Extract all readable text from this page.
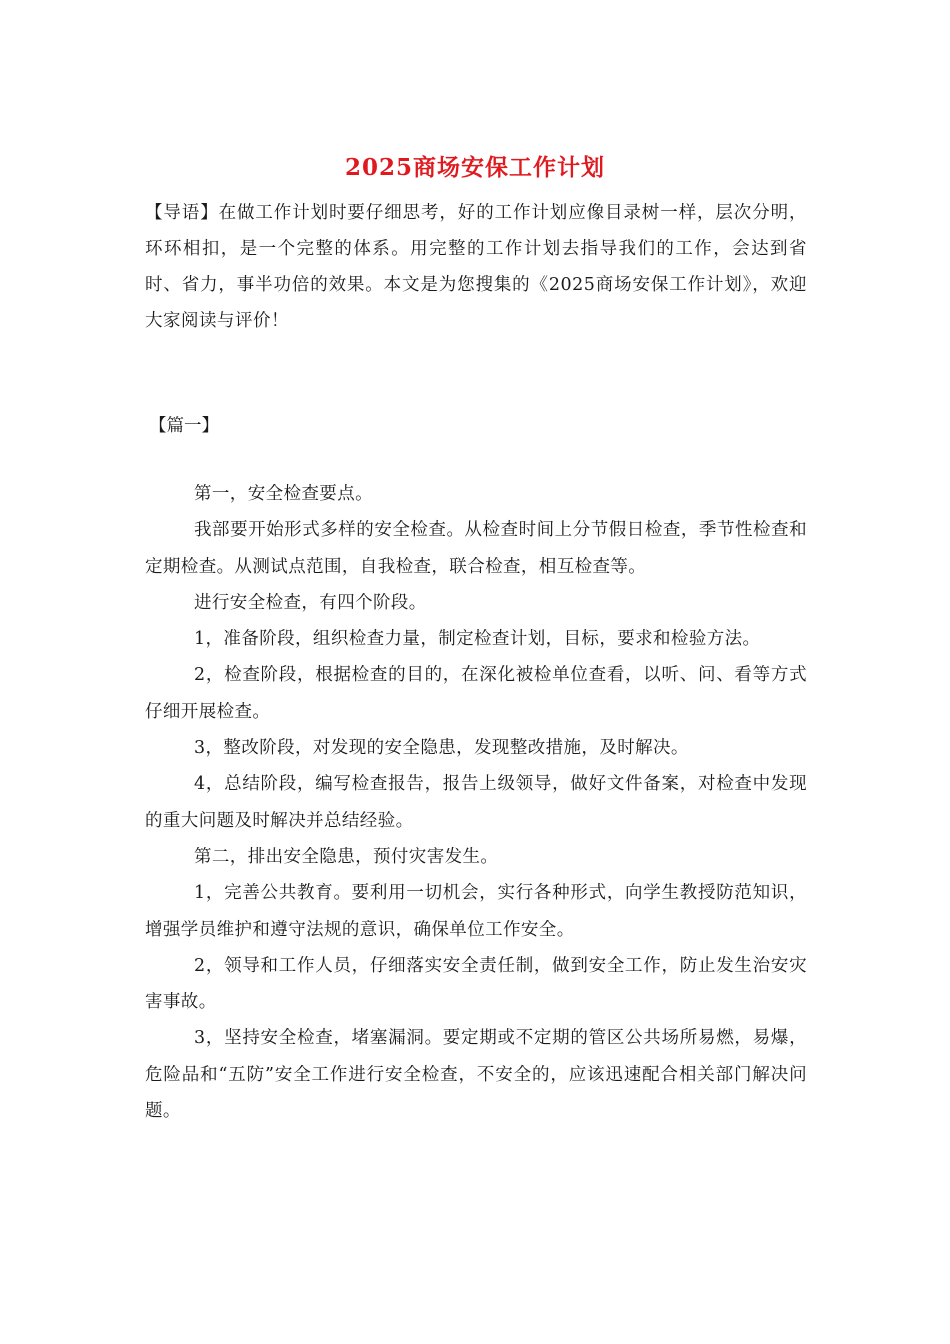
2025商场安保工作计划
【导语】在做工作计划时要仔细思考，好的工作计划应像目录树一样，层次分明，环环相扣，是一个完整的体系。用完整的工作计划去指导我们的工作，会达到省时、省力，事半功倍的效果。本文是为您搜集的《2025商场安保工作计划》，欢迎大家阅读与评价！
【篇一】

第一，安全检查要点。

我部要开始形式多样的安全检查。从检查时间上分节假日检查，季节性检查和定期检查。从测试点范围，自我检查，联合检查，相互检查等。

进行安全检查，有四个阶段。

1，准备阶段，组织检查力量，制定检查计划，目标，要求和检验方法。

2，检查阶段，根据检查的目的，在深化被检单位查看，以听、问、看等方式仔细开展检查。

3，整改阶段，对发现的安全隐患，发现整改措施，及时解决。

4，总结阶段，编写检查报告，报告上级领导，做好文件备案，对检查中发现的重大问题及时解决并总结经验。

第二，排出安全隐患，预付灾害发生。

1，完善公共教育。要利用一切机会，实行各种形式，向学生教授防范知识，增强学员维护和遵守法规的意识，确保单位工作安全。

2，领导和工作人员，仔细落实安全责任制，做到安全工作，防止发生治安灾害事故。

3，坚持安全检查，堵塞漏洞。要定期或不定期的管区公共场所易燃，易爆，危险品和“五防”安全工作进行安全检查，不安全的，应该迅速配合相关部门解决问题。
